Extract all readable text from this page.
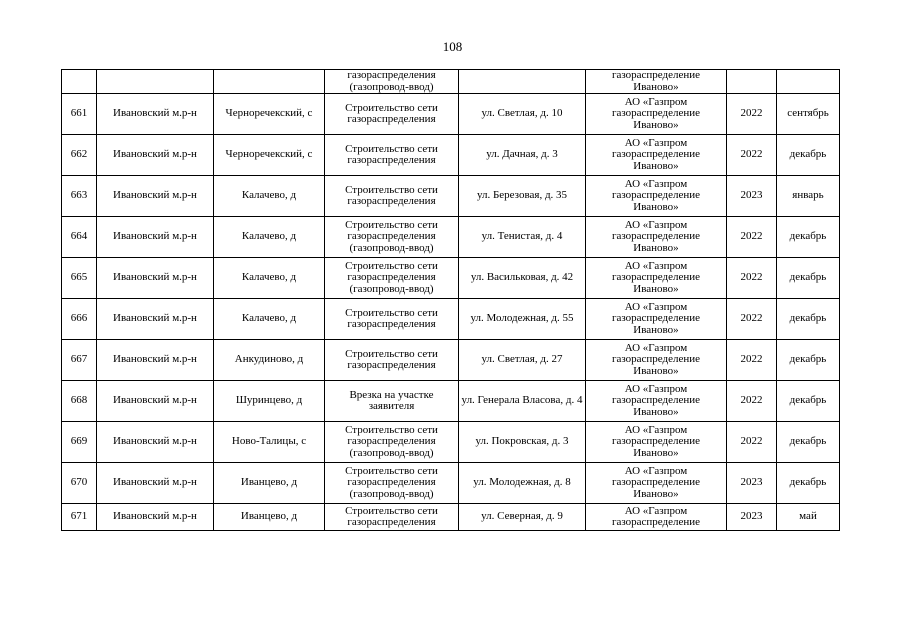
108
			газораспределения (газопровод-ввод)		газораспределение Иваново»		
661	Ивановский м.р-н	Черноречекский, с	Строительство сети газораспределения	ул. Светлая, д. 10	АО «Газпром газораспределение Иваново»	2022	сентябрь
662	Ивановский м.р-н	Черноречекский, с	Строительство сети газораспределения	ул. Дачная, д. 3	АО «Газпром газораспределение Иваново»	2022	декабрь
663	Ивановский м.р-н	Калачево, д	Строительство сети газораспределения	ул. Березовая, д. 35	АО «Газпром газораспределение Иваново»	2023	январь
664	Ивановский м.р-н	Калачево, д	Строительство сети газораспределения (газопровод-ввод)	ул. Тенистая, д. 4	АО «Газпром газораспределение Иваново»	2022	декабрь
665	Ивановский м.р-н	Калачево, д	Строительство сети газораспределения (газопровод-ввод)	ул. Васильковая, д. 42	АО «Газпром газораспределение Иваново»	2022	декабрь
666	Ивановский м.р-н	Калачево, д	Строительство сети газораспределения	ул. Молодежная, д. 55	АО «Газпром газораспределение Иваново»	2022	декабрь
667	Ивановский м.р-н	Анкудиново, д	Строительство сети газораспределения	ул. Светлая, д. 27	АО «Газпром газораспределение Иваново»	2022	декабрь
668	Ивановский м.р-н	Шуринцево, д	Врезка на участке заявителя	ул. Генерала Власова, д. 4	АО «Газпром газораспределение Иваново»	2022	декабрь
669	Ивановский м.р-н	Ново-Талицы, с	Строительство сети газораспределения (газопровод-ввод)	ул. Покровская, д. 3	АО «Газпром газораспределение Иваново»	2022	декабрь
670	Ивановский м.р-н	Иванцево, д	Строительство сети газораспределения (газопровод-ввод)	ул. Молодежная, д. 8	АО «Газпром газораспределение Иваново»	2023	декабрь
671	Ивановский м.р-н	Иванцево, д	Строительство сети газораспределения	ул. Северная, д. 9	АО «Газпром газораспределение	2023	май
